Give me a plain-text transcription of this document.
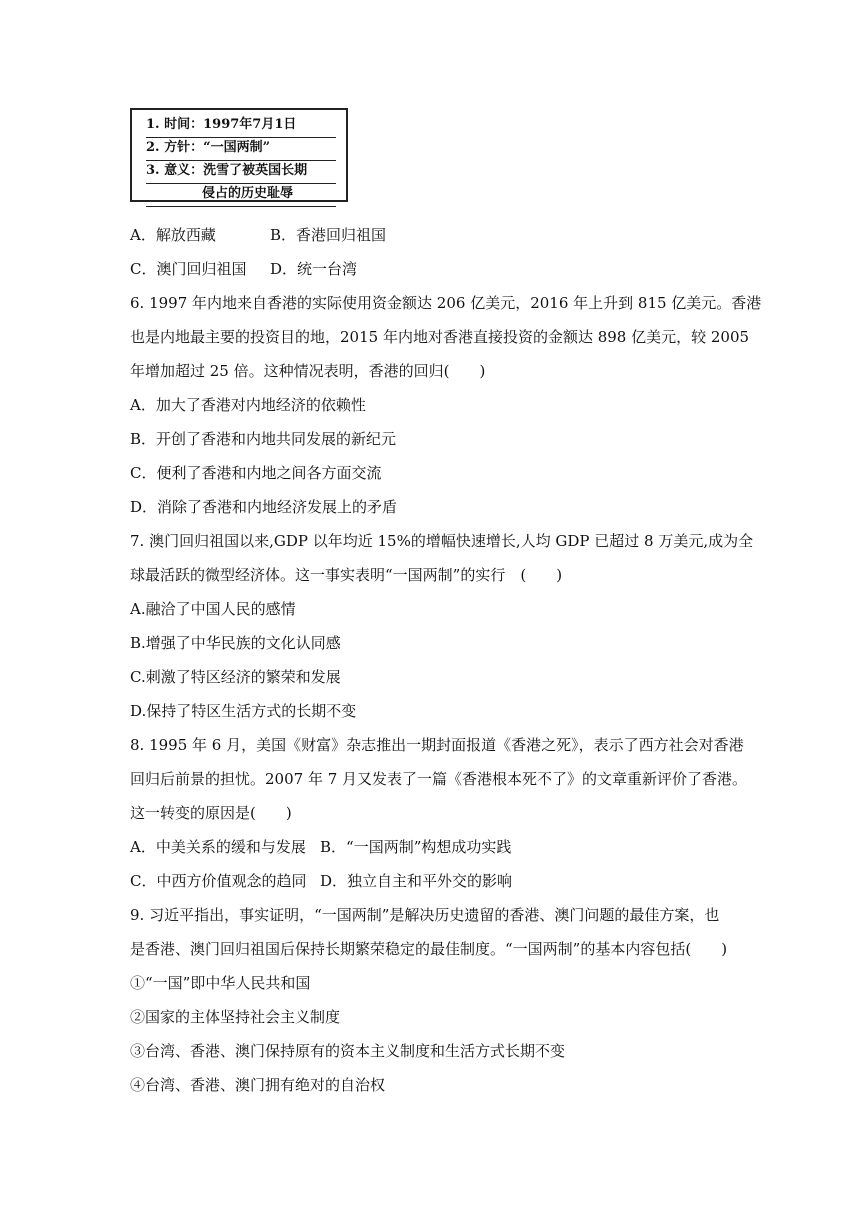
1. 时间：1997年7月1日
2. 方针：“一国两制”
3. 意义：洗雪了被英国长期
侵占的历史耻辱
A．解放西藏	B．香港回归祖国
C．澳门回归祖国 D．统一台湾
6. 1997 年内地来自香港的实际使用资金额达 206 亿美元，2016 年上升到 815 亿美元。香港
也是内地最主要的投资目的地，2015 年内地对香港直接投资的金额达 898 亿美元，较 2005
年增加超过 25 倍。这种情况表明，香港的回归(　　)
A．加大了香港对内地经济的依赖性
B．开创了香港和内地共同发展的新纪元
C．便利了香港和内地之间各方面交流
D．消除了香港和内地经济发展上的矛盾
7. 澳门回归祖国以来,GDP 以年均近 15%的增幅快速增长,人均 GDP 已超过 8 万美元,成为全
球最活跃的微型经济体。这一事实表明“一国两制”的实行　(　　)
A.融洽了中国人民的感情
B.增强了中华民族的文化认同感
C.刺激了特区经济的繁荣和发展
D.保持了特区生活方式的长期不变
8. 1995 年 6 月，美国《财富》杂志推出一期封面报道《香港之死》，表示了西方社会对香港
回归后前景的担忧。2007 年 7 月又发表了一篇《香港根本死不了》的文章重新评价了香港。
这一转变的原因是(　　)
A．中美关系的缓和与发展 B．“一国两制”构想成功实践
C．中西方价值观念的趋同 D．独立自主和平外交的影响
9. 习近平指出，事实证明，“一国两制”是解决历史遗留的香港、澳门问题的最佳方案，也
是香港、澳门回归祖国后保持长期繁荣稳定的最佳制度。“一国两制”的基本内容包括(　　)
①“一国”即中华人民共和国
②国家的主体坚持社会主义制度
③台湾、香港、澳门保持原有的资本主义制度和生活方式长期不变
④台湾、香港、澳门拥有绝对的自治权
